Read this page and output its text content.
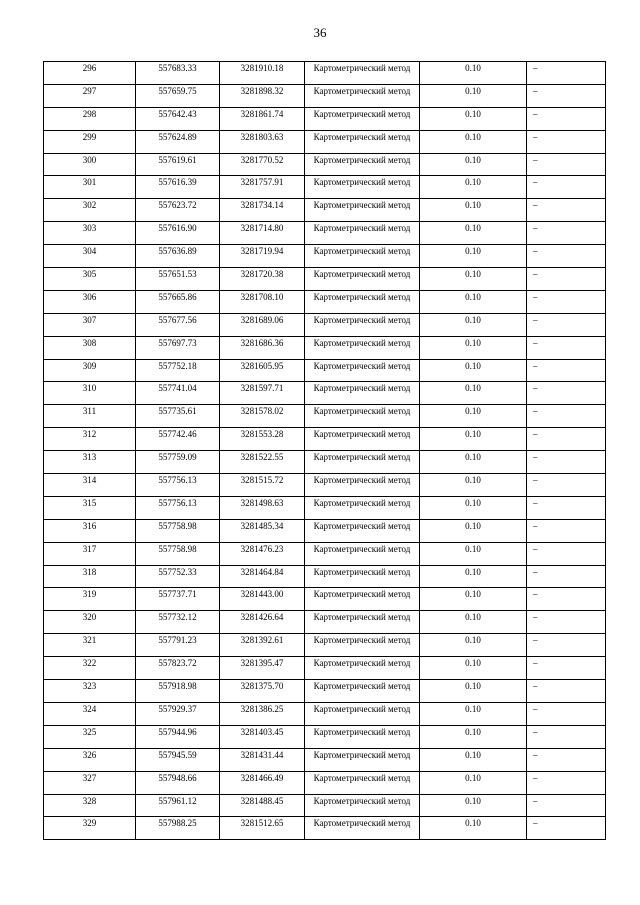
36
296	557683.33	3281910.18	Картометрический метод	0.10	–

297	557659.75	3281898.32	Картометрический метод	0.10	–

298	557642.43	3281861.74	Картометрический метод	0.10	–

299	557624.89	3281803.63	Картометрический метод	0.10	–

300	557619.61	3281770.52	Картометрический метод	0.10	–

301	557616.39	3281757.91	Картометрический метод	0.10	–

302	557623.72	3281734.14	Картометрический метод	0.10	–

303	557616.90	3281714.80	Картометрический метод	0.10	–

304	557636.89	3281719.94	Картометрический метод	0.10	–

305	557651.53	3281720.38	Картометрический метод	0.10	–

306	557665.86	3281708.10	Картометрический метод	0.10	–

307	557677.56	3281689.06	Картометрический метод	0.10	–

308	557697.73	3281686.36	Картометрический метод	0.10	–

309	557752.18	3281605.95	Картометрический метод	0.10	–

310	557741.04	3281597.71	Картометрический метод	0.10	–

311	557735.61	3281578.02	Картометрический метод	0.10	–

312	557742.46	3281553.28	Картометрический метод	0.10	–

313	557759.09	3281522.55	Картометрический метод	0.10	–

314	557756.13	3281515.72	Картометрический метод	0.10	–

315	557756.13	3281498.63	Картометрический метод	0.10	–

316	557758.98	3281485.34	Картометрический метод	0.10	–

317	557758.98	3281476.23	Картометрический метод	0.10	–

318	557752.33	3281464.84	Картометрический метод	0.10	–

319	557737.71	3281443.00	Картометрический метод	0.10	–

320	557732.12	3281426.64	Картометрический метод	0.10	–

321	557791.23	3281392.61	Картометрический метод	0.10	–

322	557823.72	3281395.47	Картометрический метод	0.10	–

323	557918.98	3281375.70	Картометрический метод	0.10	–

324	557929.37	3281386.25	Картометрический метод	0.10	–

325	557944.96	3281403.45	Картометрический метод	0.10	–

326	557945.59	3281431.44	Картометрический метод	0.10	–

327	557948.66	3281466.49	Картометрический метод	0.10	–

328	557961.12	3281488.45	Картометрический метод	0.10	–

329	557988.25	3281512.65	Картометрический метод	0.10	–
